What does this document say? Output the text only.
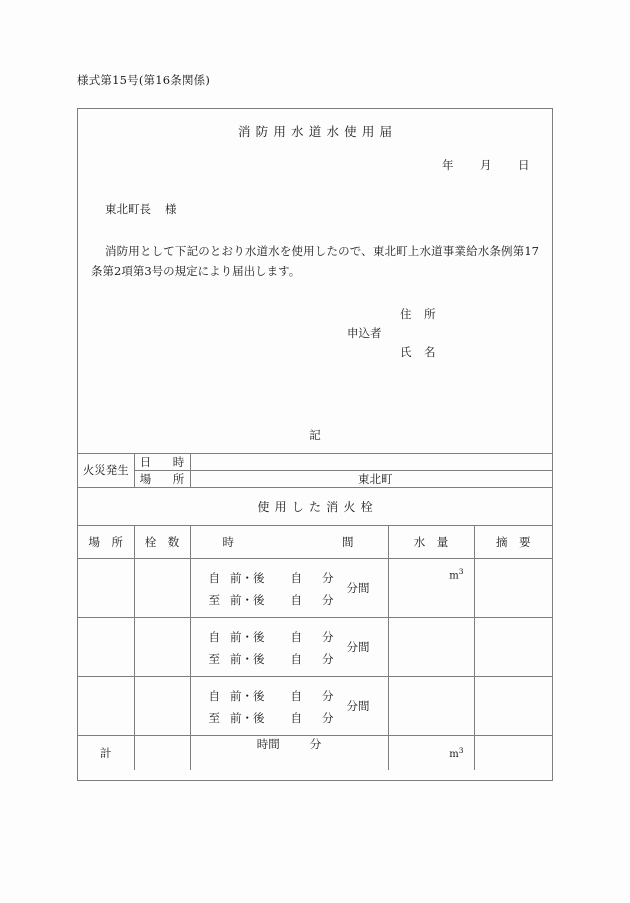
様式第15号(第16条関係)
消防用水道水使用届
年 月 日
東北町長 様
消防用として下記のとおり水道水を使用したので、東北町上水道事業給水条例第17条第2項第3号の規定により届出します。
申込者
住　所
氏　名
記				
火災発生	日　時			
	場　所	東北町		
使用した消火栓				
場　所	栓　数	時 間	水　量	摘　要

		自 前・後 自 分
至 前・後 自 分
分間	$m^3$

		自 前・後 自 分
至 前・後 自 分
分間		

		自 前・後 自 分
至 前・後 自 分
分間		

計		時間 分	$m^3$
